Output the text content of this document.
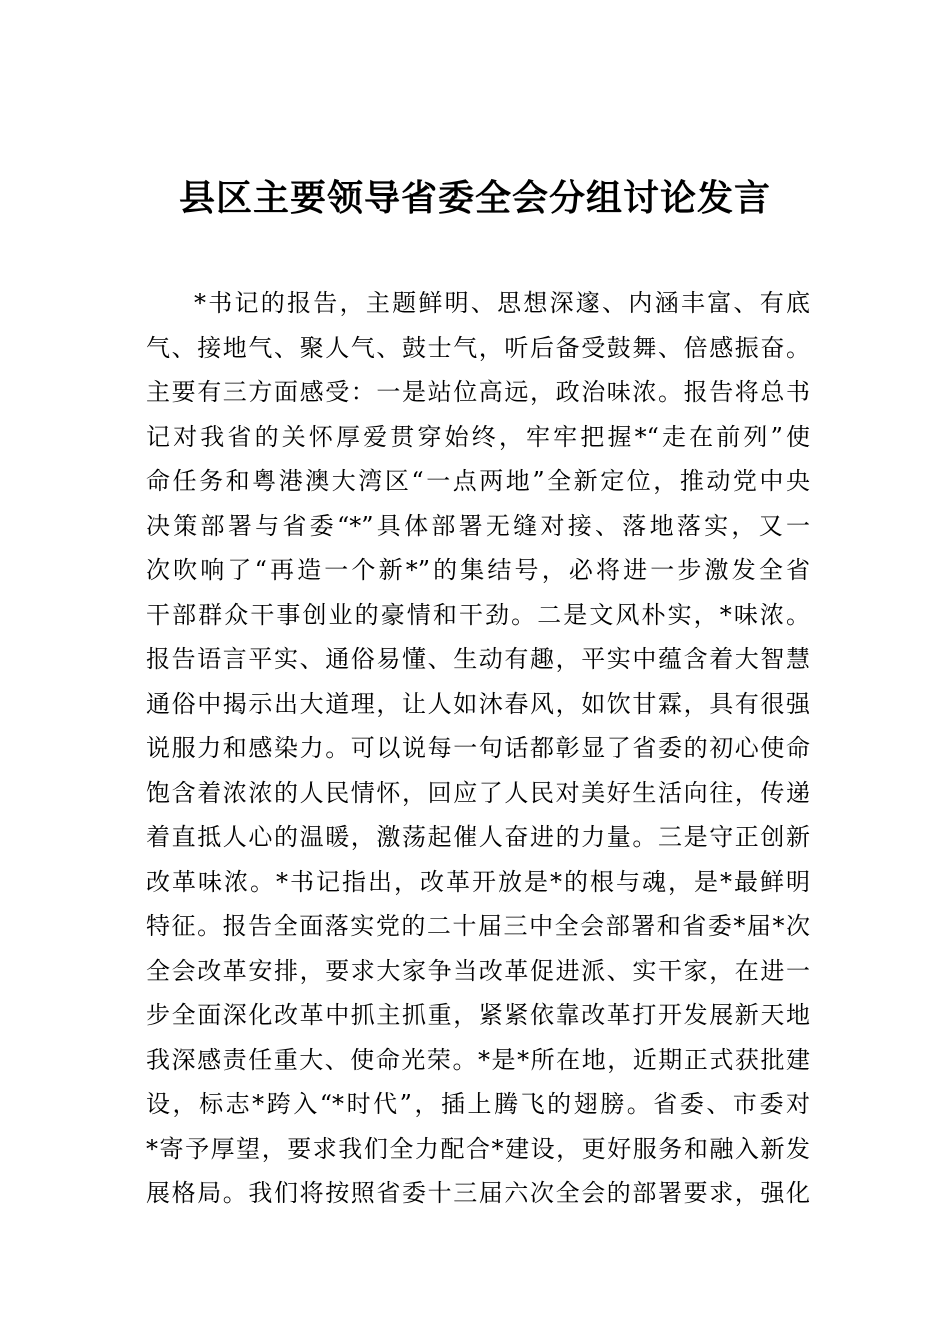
县区主要领导省委全会分组讨论发言
*书记的报告，主题鲜明、思想深邃、内涵丰富、有底
气、接地气、聚人气、鼓士气，听后备受鼓舞、倍感振奋。
主要有三方面感受：一是站位高远，政治味浓。报告将总书
记对我省的关怀厚爱贯穿始终，牢牢把握*“走在前列”使
命任务和粤港澳大湾区“一点两地”全新定位，推动党中央
决策部署与省委“*”具体部署无缝对接、落地落实，又一
次吹响了“再造一个新*”的集结号，必将进一步激发全省
干部群众干事创业的豪情和干劲。二是文风朴实，*味浓。
报告语言平实、通俗易懂、生动有趣，平实中蕴含着大智慧
通俗中揭示出大道理，让人如沐春风，如饮甘霖，具有很强
说服力和感染力。可以说每一句话都彰显了省委的初心使命
饱含着浓浓的人民情怀，回应了人民对美好生活向往，传递
着直抵人心的温暖，激荡起催人奋进的力量。三是守正创新
改革味浓。*书记指出，改革开放是*的根与魂，是*最鲜明
特征。报告全面落实党的二十届三中全会部署和省委*届*次
全会改革安排，要求大家争当改革促进派、实干家，在进一
步全面深化改革中抓主抓重，紧紧依靠改革打开发展新天地
我深感责任重大、使命光荣。*是*所在地，近期正式获批建
设，标志*跨入“*时代”，插上腾飞的翅膀。省委、市委对
*寄予厚望，要求我们全力配合*建设，更好服务和融入新发
展格局。我们将按照省委十三届六次全会的部署要求，强化
